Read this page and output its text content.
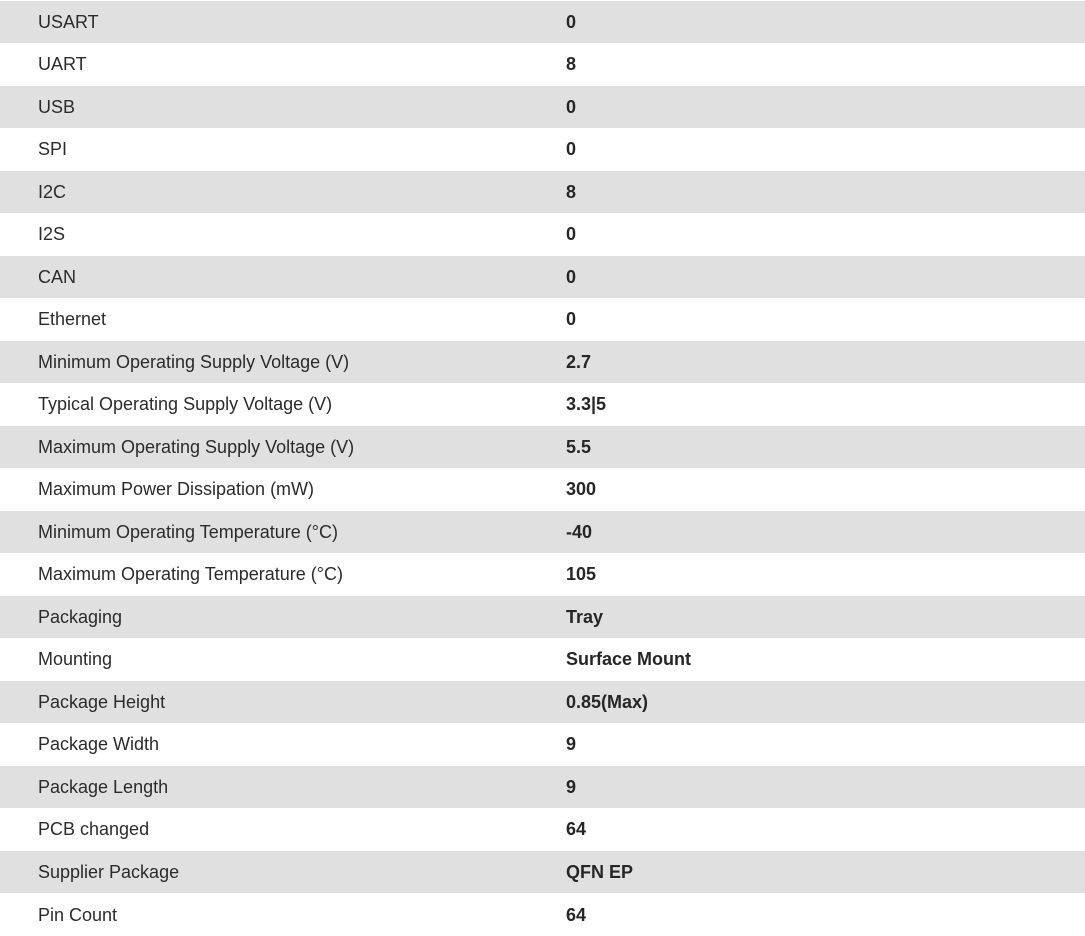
USART	0
UART	8
USB	0
SPI	0
I2C	8
I2S	0
CAN	0
Ethernet	0
Minimum Operating Supply Voltage (V)	2.7
Typical Operating Supply Voltage (V)	3.3|5
Maximum Operating Supply Voltage (V)	5.5
Maximum Power Dissipation (mW)	300
Minimum Operating Temperature (°C)	-40
Maximum Operating Temperature (°C)	105
Packaging	Tray
Mounting	Surface Mount
Package Height	0.85(Max)
Package Width	9
Package Length	9
PCB changed	64
Supplier Package	QFN EP
Pin Count	64
